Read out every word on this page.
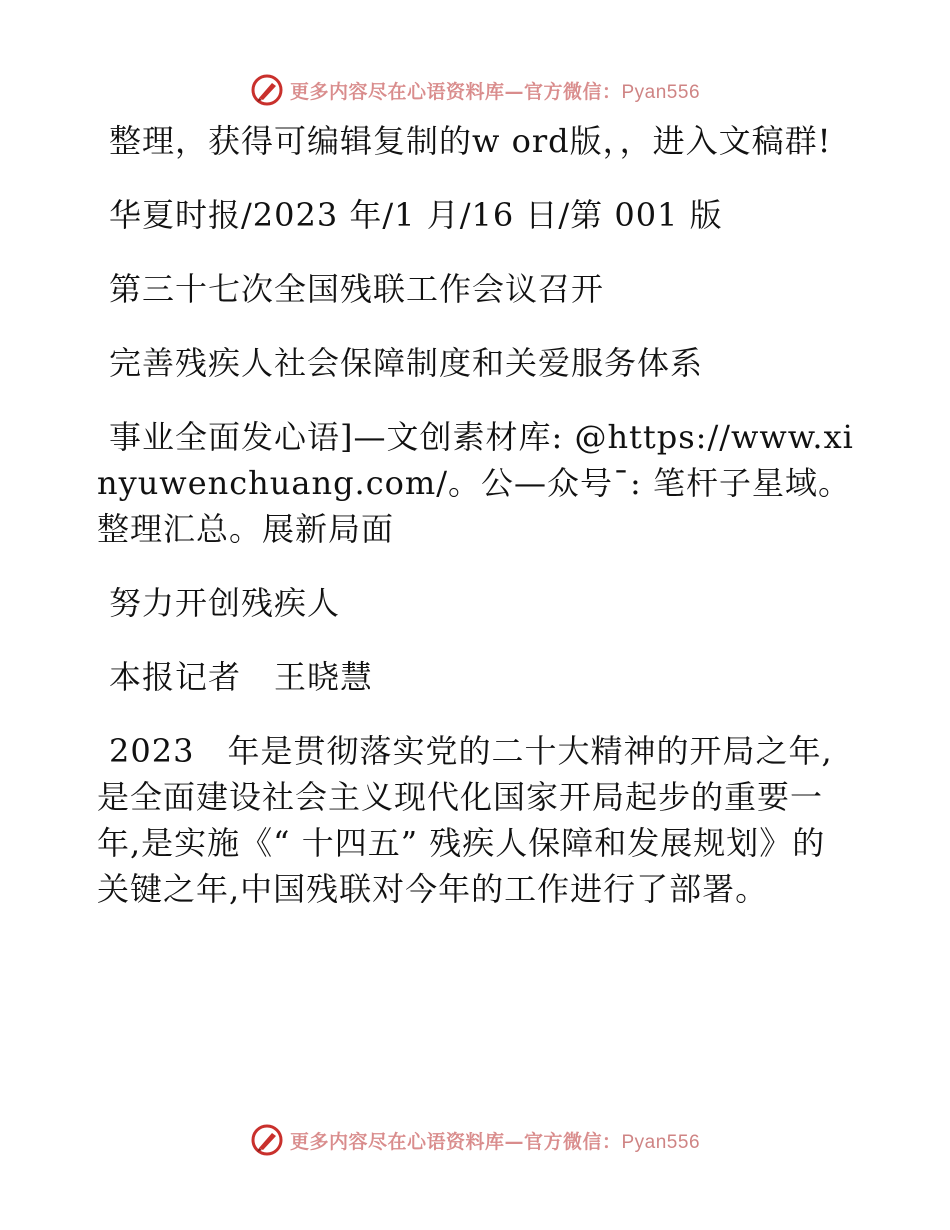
更多内容尽在心语资料库—官方微信：Pyan556

整理，获得可编辑复制的w ord版，，进入文稿群!

华夏时报/2023 年/1 月/16 日/第 001 版

第三十七次全国残联工作会议召开

完善残疾人社会保障制度和关爱服务体系

事业全面发心语]—文创素材库: @https://www.xinyuwenchuang.com/。公—众号¯: 笔杆子星域。整理汇总。展新局面

努力开创残疾人

本报记者　王晓慧

2023　年是贯彻落实党的二十大精神的开局之年,是全面建设社会主义现代化国家开局起步的重要一年,是实施《“ 十四五” 残疾人保障和发展规划》的关键之年,中国残联对今年的工作进行了部署。

更多内容尽在心语资料库—官方微信：Pyan556
